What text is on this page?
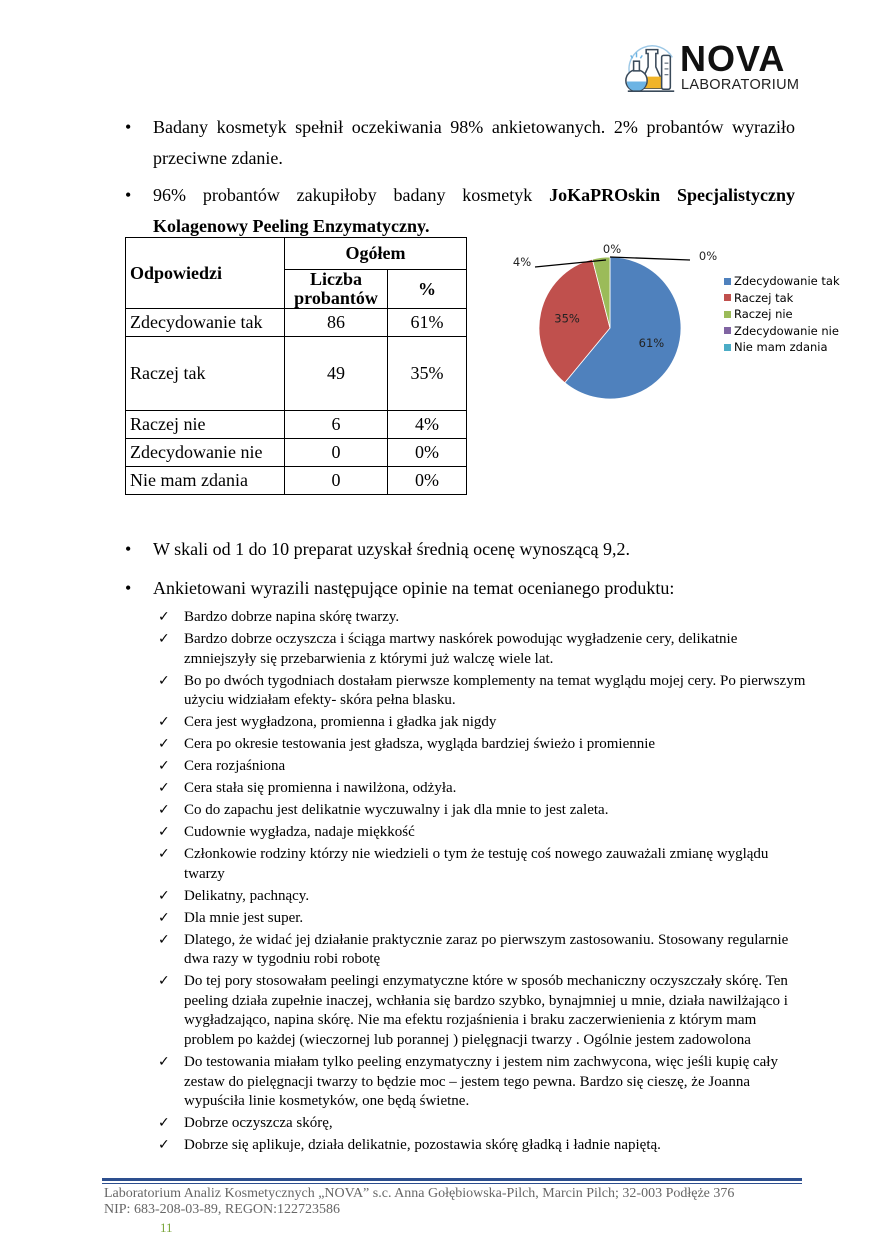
NOVA
LABORATORIUM
• Badany kosmetyk spełnił oczekiwania 98% ankietowanych. 2% probantów wyraziło przeciwne zdanie.
• 96% probantów zakupiłoby badany kosmetyk JoKaPROskin Specjalistyczny Kolagenowy Peeling Enzymatyczny.
Odpowiedzi	Ogółem	
	Liczba probantów	%
Zdecydowanie tak	86	61%
Raczej tak	49	35%
Raczej nie	6	4%
Zdecydowanie nie	0	0%
Nie mam zdania	0	0%
61%
35%
4%
0%	0%
Zdecydowanie tak
Raczej tak
Raczej nie
Zdecydowanie nie
Nie mam zdania
• W skali od 1 do 10 preparat uzyskał średnią ocenę wynoszącą 9,2.
• Ankietowani wyrazili następujące opinie na temat ocenianego produktu:
✓ Bardzo dobrze napina skórę twarzy.
✓ Bardzo dobrze oczyszcza i ściąga martwy naskórek powodując wygładzenie cery, delikatnie zmniejszyły się przebarwienia z którymi już walczę wiele lat.
✓ Bo po dwóch tygodniach dostałam pierwsze komplementy na temat wyglądu mojej cery. Po pierwszym użyciu widziałam efekty- skóra pełna blasku.
✓ Cera jest wygładzona, promienna i gładka jak nigdy
✓ Cera po okresie testowania jest gładsza, wygląda bardziej świeżo i promiennie
✓ Cera rozjaśniona
✓ Cera stała się promienna i nawilżona, odżyła.
✓ Co do zapachu jest delikatnie wyczuwalny i jak dla mnie to jest zaleta.
✓ Cudownie wygładza, nadaje miękkość
✓ Członkowie rodziny którzy nie wiedzieli o tym że testuję coś nowego zauważali zmianę wyglądu twarzy
✓ Delikatny, pachnący.
✓ Dla mnie jest super.
✓ Dlatego, że widać jej działanie praktycznie zaraz po pierwszym zastosowaniu. Stosowany regularnie dwa razy w tygodniu robi robotę
✓ Do tej pory stosowałam peelingi enzymatyczne które w sposób mechaniczny oczyszczały skórę. Ten peeling działa zupełnie inaczej, wchłania się bardzo szybko, bynajmniej u mnie, działa nawilżająco i wygładzająco, napina skórę. Nie ma efektu rozjaśnienia i braku zaczerwienienia z którym mam problem po każdej (wieczornej lub porannej ) pielęgnacji twarzy . Ogólnie jestem zadowolona
✓ Do testowania miałam tylko peeling enzymatyczny i jestem nim zachwycona, więc jeśli kupię cały zestaw do pielęgnacji twarzy to będzie moc – jestem tego pewna. Bardzo się cieszę, że Joanna wypuściła linie kosmetyków, one będą świetne.
✓ Dobrze oczyszcza skórę,
✓ Dobrze się aplikuje, działa delikatnie, pozostawia skórę gładką i ładnie napiętą.
Laboratorium Analiz Kosmetycznych „NOVA” s.c. Anna Gołębiowska-Pilch, Marcin Pilch; 32-003 Podłęże 376
NIP: 683-208-03-89, REGON:122723586
11
